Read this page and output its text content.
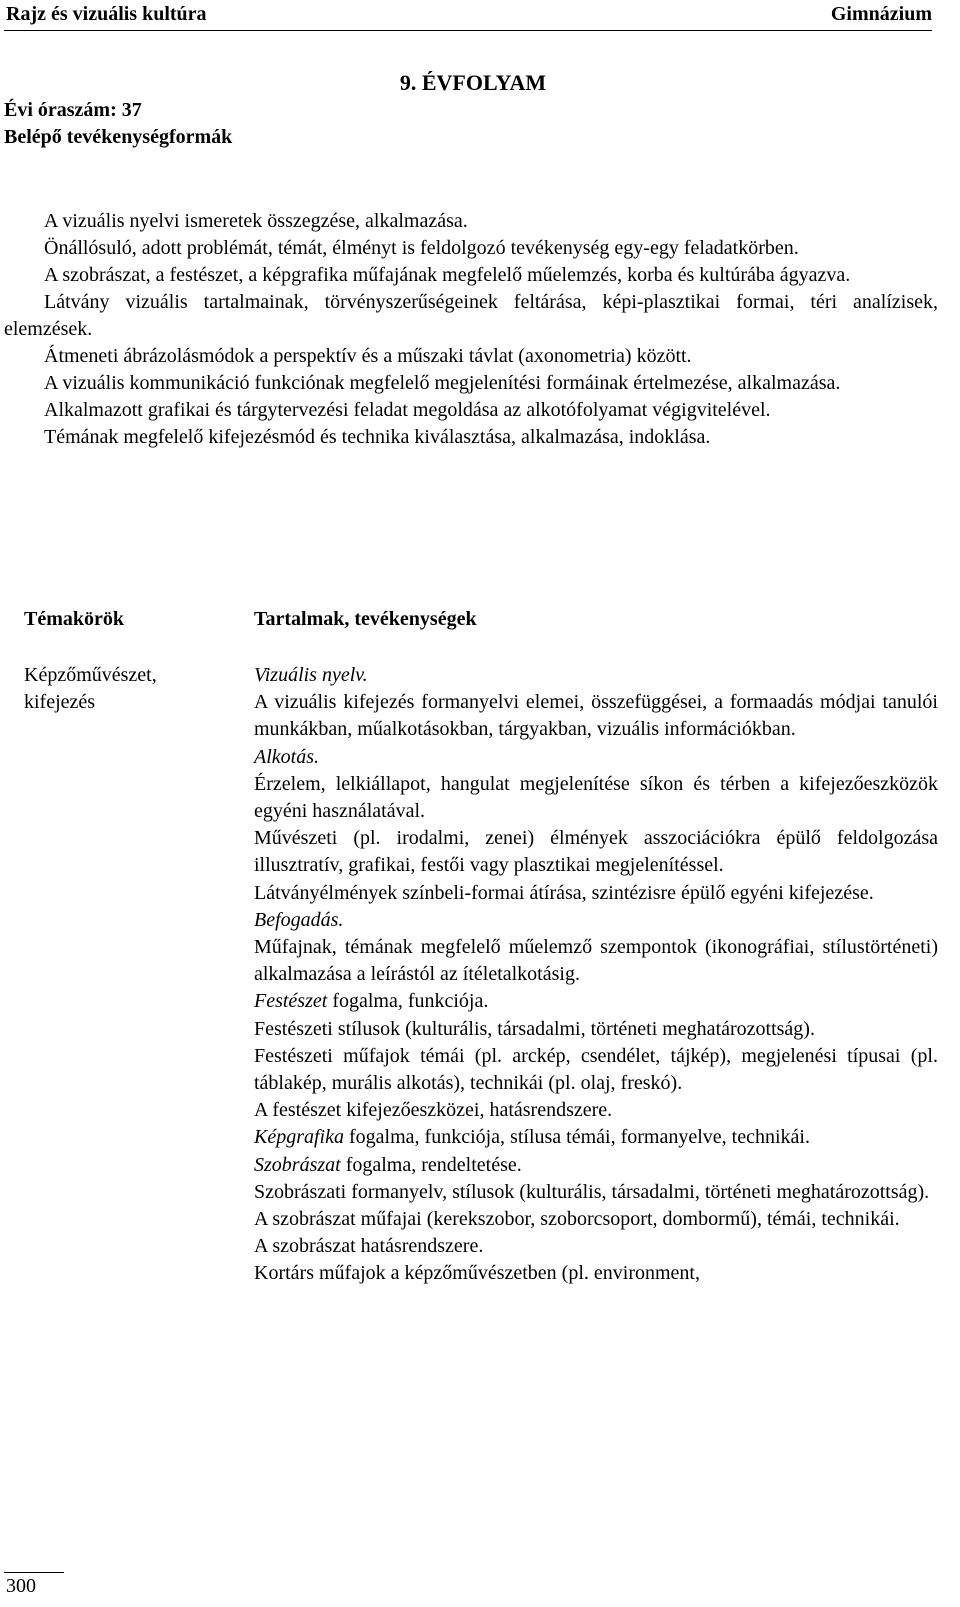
Rajz és vizuális kultúra	Gimnázium
9. ÉVFOLYAM
Évi óraszám: 37
Belépő tevékenységformák

A vizuális nyelvi ismeretek összegzése, alkalmazása.

Önállósuló, adott problémát, témát, élményt is feldolgozó tevékenység egy-egy feladatkörben.

A szobrászat, a festészet, a képgrafika műfajának megfelelő műelemzés, korba és kultúrába ágyazva.

Látvány vizuális tartalmainak, törvényszerűségeinek feltárása, képi-plasztikai formai, téri analízisek, elemzések.

Átmeneti ábrázolásmódok a perspektív és a műszaki távlat (axonometria) között.

A vizuális kommunikáció funkciónak megfelelő megjelenítési formáinak értelmezése, alkalmazása.

Alkalmazott grafikai és tárgytervezési feladat megoldása az alkotófolyamat végigvitelével.

Témának megfelelő kifejezésmód és technika kiválasztása, alkalmazása, indoklása.

Témakörök	Tartalmak, tevékenységek
Képzőművészet, kifejezés

Vizuális nyelv.

A vizuális kifejezés formanyelvi elemei, összefüggései, a formaadás módjai tanulói munkákban, műalkotásokban, tárgyakban, vizuális információkban.

Alkotás.

Érzelem, lelkiállapot, hangulat megjelenítése síkon és térben a kifejezőeszközök egyéni használatával.

Művészeti (pl. irodalmi, zenei) élmények asszociációkra épülő feldolgozása illusztratív, grafikai, festői vagy plasztikai megjelenítéssel.

Látványélmények színbeli-formai átírása, szintézisre épülő egyéni kifejezése.

Befogadás.

Műfajnak, témának megfelelő műelemző szempontok (ikonográfiai, stílustörténeti) alkalmazása a leírástól az ítéletalkotásig.

Festészet fogalma, funkciója.

Festészeti stílusok (kulturális, társadalmi, történeti meghatározottság).

Festészeti műfajok témái (pl. arckép, csendélet, tájkép), megjelenési típusai (pl. táblakép, murális alkotás), technikái (pl. olaj, freskó).

A festészet kifejezőeszközei, hatásrendszere.

Képgrafika fogalma, funkciója, stílusa témái, formanyelve, technikái.

Szobrászat fogalma, rendeltetése.

Szobrászati formanyelv, stílusok (kulturális, társadalmi, történeti meghatározottság).

A szobrászat műfajai (kerekszobor, szoborcsoport, dombormű), témái, technikái.

A szobrászat hatásrendszere.

Kortárs műfajok a képzőművészetben (pl. environment,

300
